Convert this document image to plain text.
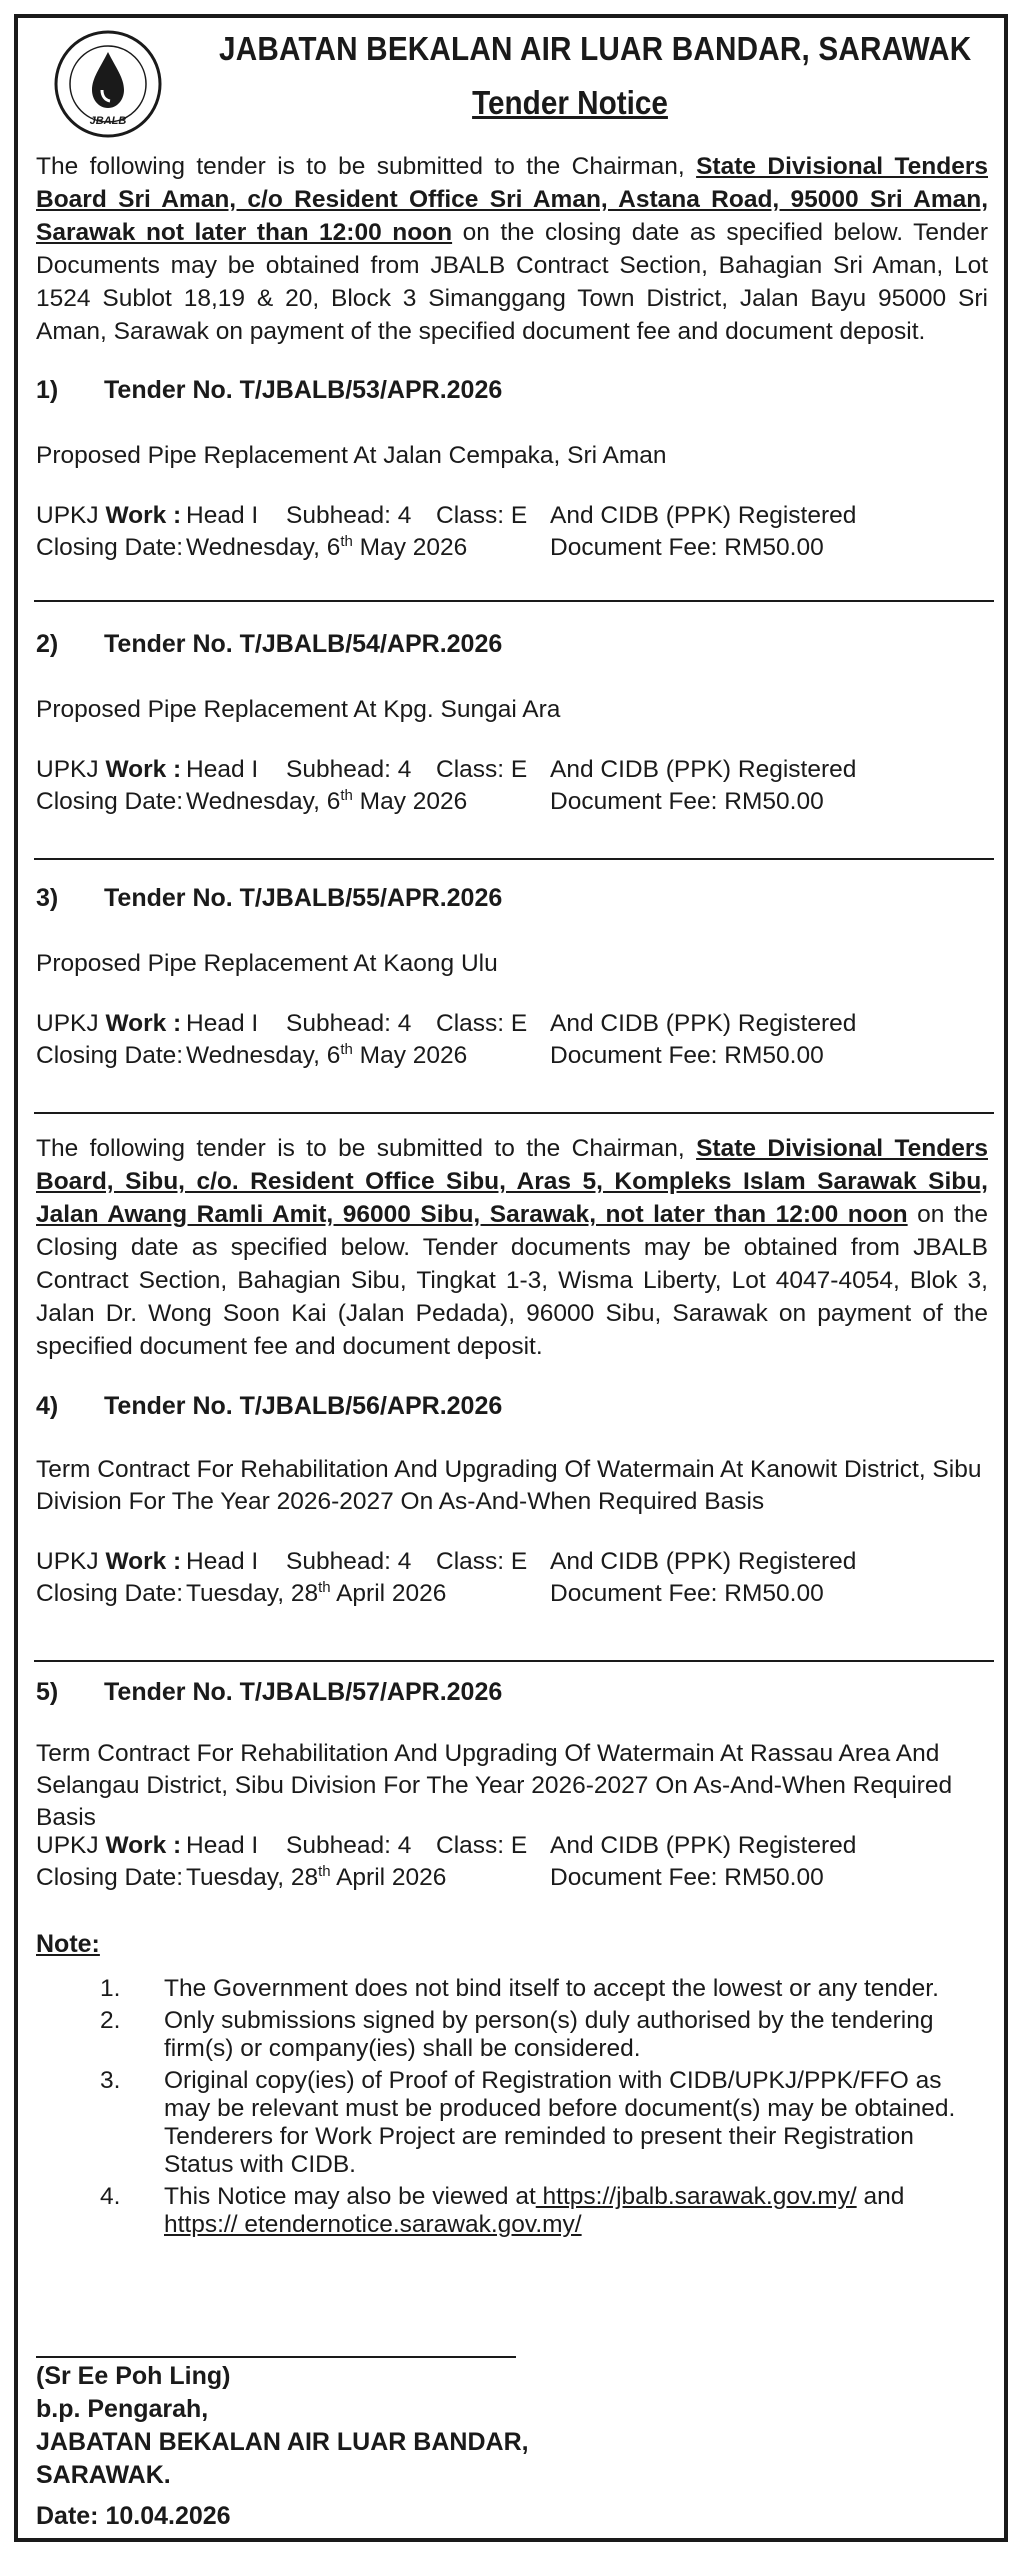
JBALB
JABATAN BEKALAN AIR LUAR BANDAR, SARAWAK
Tender Notice
The following tender is to be submitted to the Chairman, State Divisional Tenders Board Sri Aman, c/o Resident Office Sri Aman, Astana Road, 95000 Sri Aman, Sarawak not later than 12:00 noon on the closing date as specified below. Tender Documents may be obtained from JBALB Contract Section, Bahagian Sri Aman, Lot 1524 Sublot 18,19 & 20, Block 3 Simanggang Town District, Jalan Bayu 95000 Sri Aman, Sarawak on payment of the specified document fee and document deposit.
1) Tender No. T/JBALB/53/APR.2026
Proposed Pipe Replacement At Jalan Cempaka, Sri Aman
UPKJ Work : Head I Subhead: 4 Class: E And CIDB (PPK) Registered
Closing Date: Wednesday, 6th May 2026	Document Fee: RM50.00
2) Tender No. T/JBALB/54/APR.2026
Proposed Pipe Replacement At Kpg. Sungai Ara
UPKJ Work : Head I Subhead: 4 Class: E And CIDB (PPK) Registered
Closing Date: Wednesday, 6th May 2026	Document Fee: RM50.00
3) Tender No. T/JBALB/55/APR.2026
Proposed Pipe Replacement At Kaong Ulu
UPKJ Work : Head I Subhead: 4 Class: E And CIDB (PPK) Registered
Closing Date: Wednesday, 6th May 2026	Document Fee: RM50.00
The following tender is to be submitted to the Chairman, State Divisional Tenders Board, Sibu, c/o. Resident Office Sibu, Aras 5, Kompleks Islam Sarawak Sibu, Jalan Awang Ramli Amit, 96000 Sibu, Sarawak, not later than 12:00 noon on the Closing date as specified below. Tender documents may be obtained from JBALB Contract Section, Bahagian Sibu, Tingkat 1-3, Wisma Liberty, Lot 4047-4054, Blok 3, Jalan Dr. Wong Soon Kai (Jalan Pedada), 96000 Sibu, Sarawak on payment of the specified document fee and document deposit.
4) Tender No. T/JBALB/56/APR.2026
Term Contract For Rehabilitation And Upgrading Of Watermain At Kanowit District, Sibu Division For The Year 2026-2027 On As-And-When Required Basis
UPKJ Work : Head I Subhead: 4 Class: E And CIDB (PPK) Registered
Closing Date: Tuesday, 28th April 2026	Document Fee: RM50.00
5) Tender No. T/JBALB/57/APR.2026
Term Contract For Rehabilitation And Upgrading Of Watermain At Rassau Area And Selangau District, Sibu Division For The Year 2026-2027 On As-And-When Required Basis
UPKJ Work : Head I Subhead: 4 Class: E And CIDB (PPK) Registered
Closing Date: Tuesday, 28th April 2026	Document Fee: RM50.00
Note:
1. The Government does not bind itself to accept the lowest or any tender.
2. Only submissions signed by person(s) duly authorised by the tendering firm(s) or company(ies) shall be considered.
3. Original copy(ies) of Proof of Registration with CIDB/UPKJ/PPK/FFO as may be relevant must be produced before document(s) may be obtained. Tenderers for Work Project are reminded to present their Registration Status with CIDB.
4. This Notice may also be viewed at https://jbalb.sarawak.gov.my/ and https:// etendernotice.sarawak.gov.my/
(Sr Ee Poh Ling)
b.p. Pengarah,
JABATAN BEKALAN AIR LUAR BANDAR,
SARAWAK.
Date: 10.04.2026
